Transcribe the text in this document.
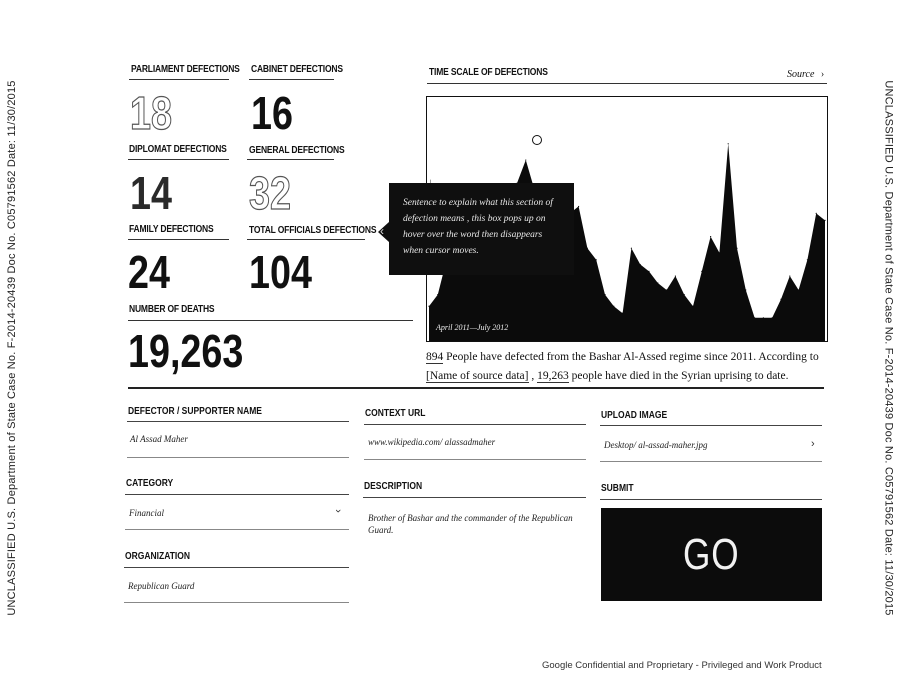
UNCLASSIFIED U.S. Department of State Case No. F-2014-20439 Doc No. C05791562 Date: 11/30/2015	UNCLASSIFIED U.S. Department of State Case No. F-2014-20439 Doc No. C05791562 Date: 11/30/2015
PARLIAMENT DEFECTIONS
18
CABINET DEFECTIONS
16
DIPLOMAT DEFECTIONS
14
GENERAL DEFECTIONS
32
FAMILY DEFECTIONS
24
TOTAL OFFICIALS DEFECTIONS
104
NUMBER OF DEATHS
19,263
TIME SCALE OF DEFECTIONS	Source ›
April 2011—July 2012
Sentence to explain what this section of defection means , this box pops up on hover over the word then disappears when cursor moves.
‹
894 People have defected from the Bashar Al-Assed regime since 2011. According to [Name of source data] , 19,263 people have died in the Syrian uprising to date.
DEFECTOR / SUPPORTER NAME
Al Assad Maher
CONTEXT URL
www.wikipedia.com/ alassadmaher
UPLOAD IMAGE
Desktop/ al-assad-maher.jpg	›
CATEGORY
Financial	›
DESCRIPTION
Brother of Bashar and the commander of the Republican Guard.
SUBMIT
GO
ORGANIZATION
Republican Guard
Google Confidential and Proprietary - Privileged and Work Product
